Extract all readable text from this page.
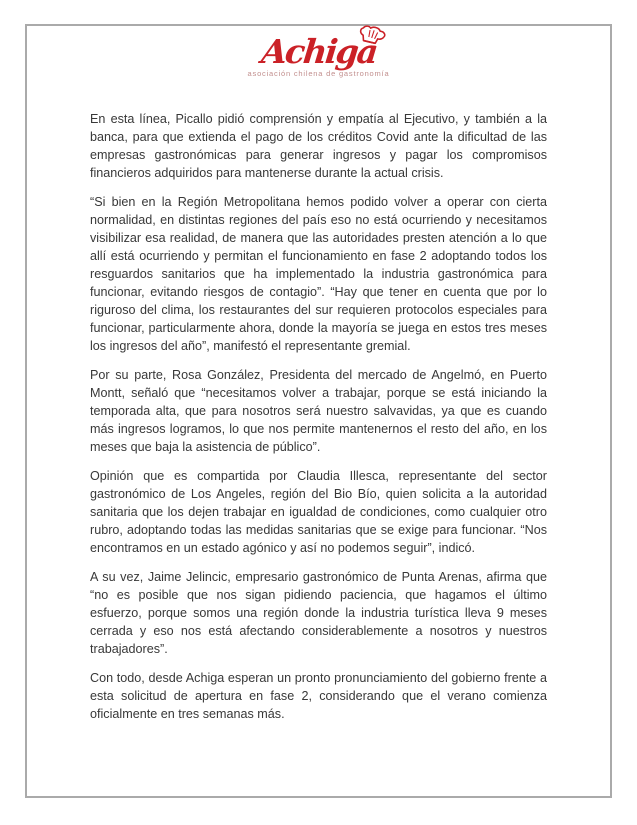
Achiga
asociación chilena de gastronomía

En esta línea, Picallo pidió comprensión y empatía al Ejecutivo, y también a la banca, para que extienda el pago de los créditos Covid ante la dificultad de las empresas gastronómicas para generar ingresos y pagar los compromisos financieros adquiridos para mantenerse durante la actual crisis.

“Si bien en la Región Metropolitana hemos podido volver a operar con cierta normalidad, en distintas regiones del país eso no está ocurriendo y necesitamos visibilizar esa realidad, de manera que las autoridades presten atención a lo que allí está ocurriendo y permitan el funcionamiento en fase 2 adoptando todos los resguardos sanitarios que ha implementado la industria gastronómica para funcionar, evitando riesgos de contagio”. “Hay que tener en cuenta que por lo riguroso del clima, los restaurantes del sur requieren protocolos especiales para funcionar, particularmente ahora, donde la mayoría se juega en estos tres meses los ingresos del año”, manifestó el representante gremial.

Por su parte, Rosa González, Presidenta del mercado de Angelmó, en Puerto Montt, señaló que “necesitamos volver a trabajar, porque se está iniciando la temporada alta, que para nosotros será nuestro salvavidas, ya que es cuando más ingresos logramos, lo que nos permite mantenernos el resto del año, en los meses que baja la asistencia de público”.

Opinión que es compartida por Claudia Illesca, representante del sector gastronómico de Los Angeles, región del Bio Bío, quien solicita a la autoridad sanitaria que los dejen trabajar en igualdad de condiciones, como cualquier otro rubro, adoptando todas las medidas sanitarias que se exige para funcionar. “Nos encontramos en un estado agónico y así no podemos seguir”, indicó.

A su vez, Jaime Jelincic, empresario gastronómico de Punta Arenas, afirma que “no es posible que nos sigan pidiendo paciencia, que hagamos el último esfuerzo, porque somos una región donde la industria turística lleva 9 meses cerrada y eso nos está afectando considerablemente a nosotros y nuestros trabajadores”.

Con todo, desde Achiga esperan un pronto pronunciamiento del gobierno frente a esta solicitud de apertura en fase 2, considerando que el verano comienza oficialmente en tres semanas más.
